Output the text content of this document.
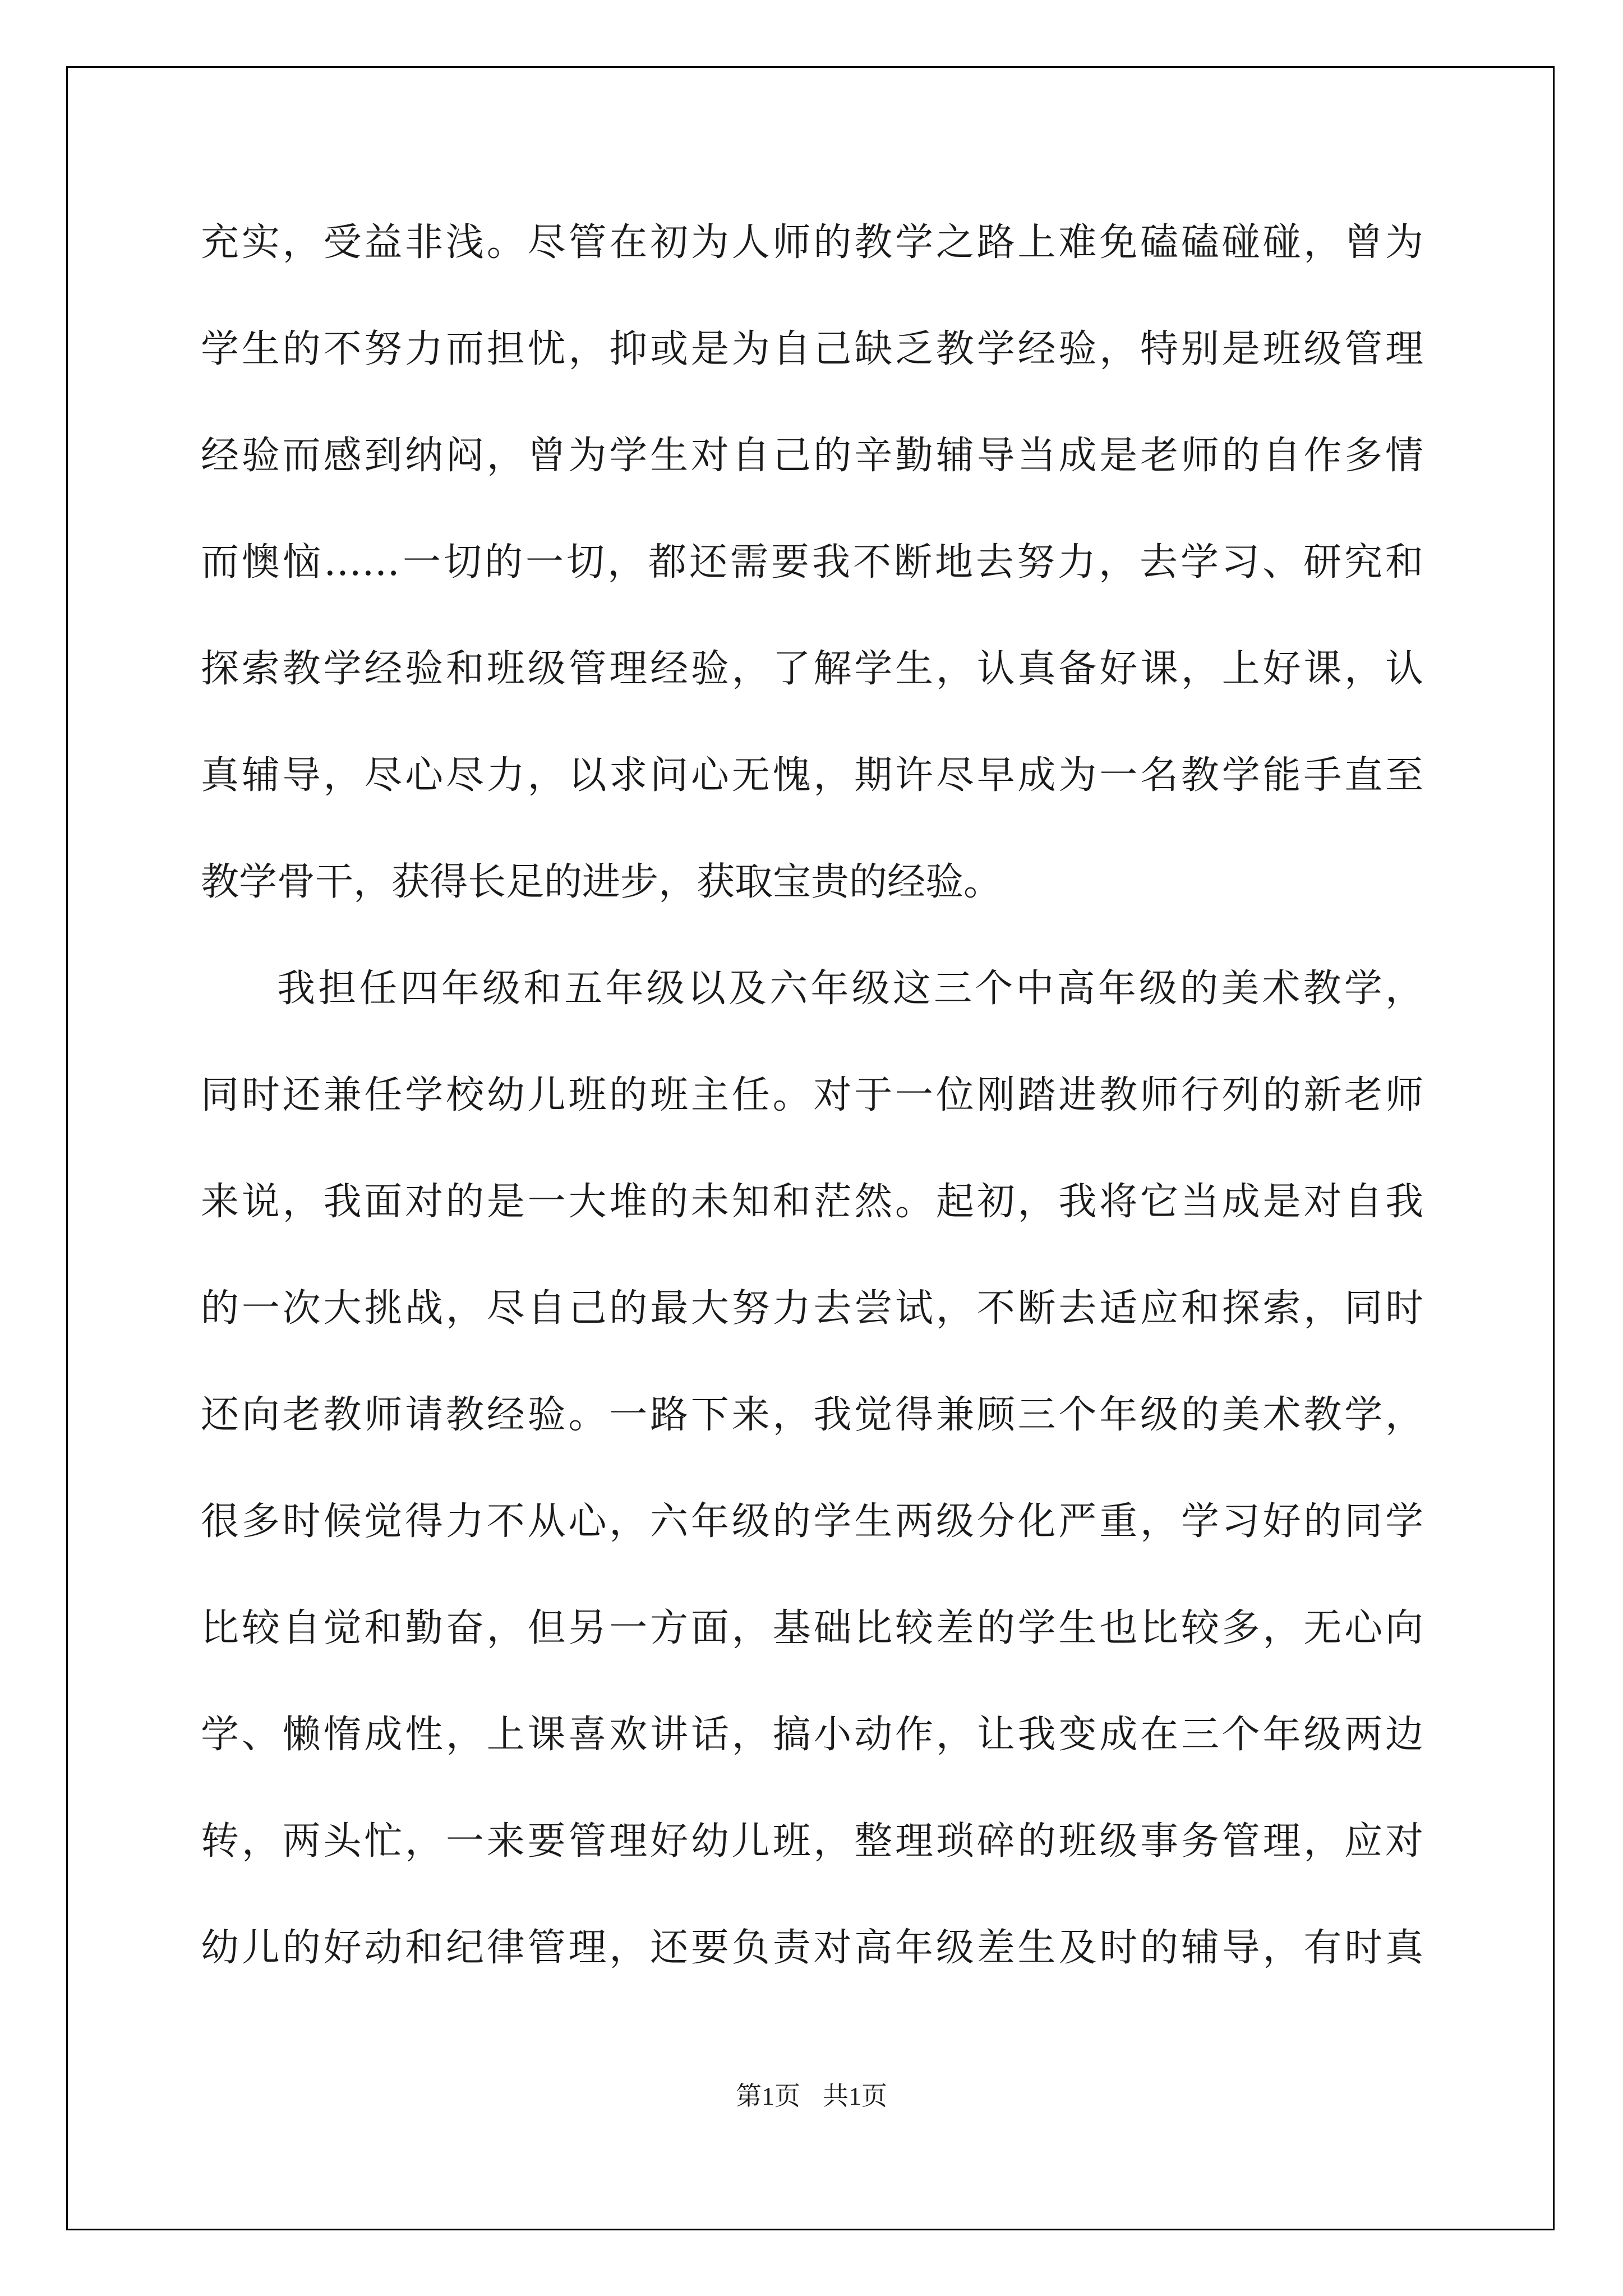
充实，受益非浅。尽管在初为人师的教学之路上难免磕磕碰碰，曾为
学生的不努力而担忧，抑或是为自己缺乏教学经验，特别是班级管理
经验而感到纳闷，曾为学生对自己的辛勤辅导当成是老师的自作多情
而懊恼……一切的一切，都还需要我不断地去努力，去学习、研究和
探索教学经验和班级管理经验，了解学生，认真备好课，上好课，认
真辅导，尽心尽力，以求问心无愧，期许尽早成为一名教学能手直至
教学骨干，获得长足的进步，获取宝贵的经验。
我担任四年级和五年级以及六年级这三个中高年级的美术教学，
同时还兼任学校幼儿班的班主任。对于一位刚踏进教师行列的新老师
来说，我面对的是一大堆的未知和茫然。起初，我将它当成是对自我
的一次大挑战，尽自己的最大努力去尝试，不断去适应和探索，同时
还向老教师请教经验。一路下来，我觉得兼顾三个年级的美术教学，
很多时候觉得力不从心，六年级的学生两级分化严重，学习好的同学
比较自觉和勤奋，但另一方面，基础比较差的学生也比较多，无心向
学、懒惰成性，上课喜欢讲话，搞小动作，让我变成在三个年级两边
转，两头忙，一来要管理好幼儿班，整理琐碎的班级事务管理，应对
幼儿的好动和纪律管理，还要负责对高年级差生及时的辅导，有时真
第1页 共1页
